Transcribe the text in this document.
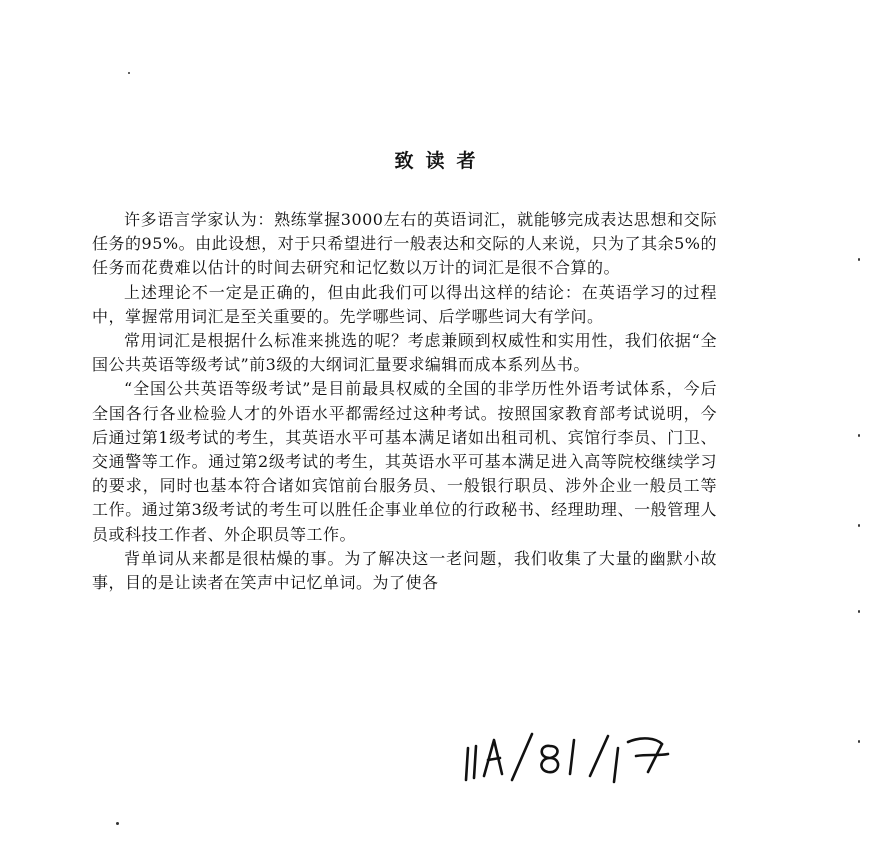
致读者

许多语言学家认为：熟练掌握3000左右的英语词汇，就能够完成表达思想和交际任务的95%。由此设想，对于只希望进行一般表达和交际的人来说，只为了其余5%的任务而花费难以估计的时间去研究和记忆数以万计的词汇是很不合算的。

上述理论不一定是正确的，但由此我们可以得出这样的结论：在英语学习的过程中，掌握常用词汇是至关重要的。先学哪些词、后学哪些词大有学问。

常用词汇是根据什么标准来挑选的呢？考虑兼顾到权威性和实用性，我们依据“全国公共英语等级考试”前3级的大纲词汇量要求编辑而成本系列丛书。

“全国公共英语等级考试”是目前最具权威的全国的非学历性外语考试体系，今后全国各行各业检验人才的外语水平都需经过这种考试。按照国家教育部考试说明，今后通过第1级考试的考生，其英语水平可基本满足诸如出租司机、宾馆行李员、门卫、交通警等工作。通过第2级考试的考生，其英语水平可基本满足进入高等院校继续学习的要求，同时也基本符合诸如宾馆前台服务员、一般银行职员、涉外企业一般员工等工作。通过第3级考试的考生可以胜任企事业单位的行政秘书、经理助理、一般管理人员或科技工作者、外企职员等工作。

背单词从来都是很枯燥的事。为了解决这一老问题，我们收集了大量的幽默小故事，目的是让读者在笑声中记忆单词。为了使各
